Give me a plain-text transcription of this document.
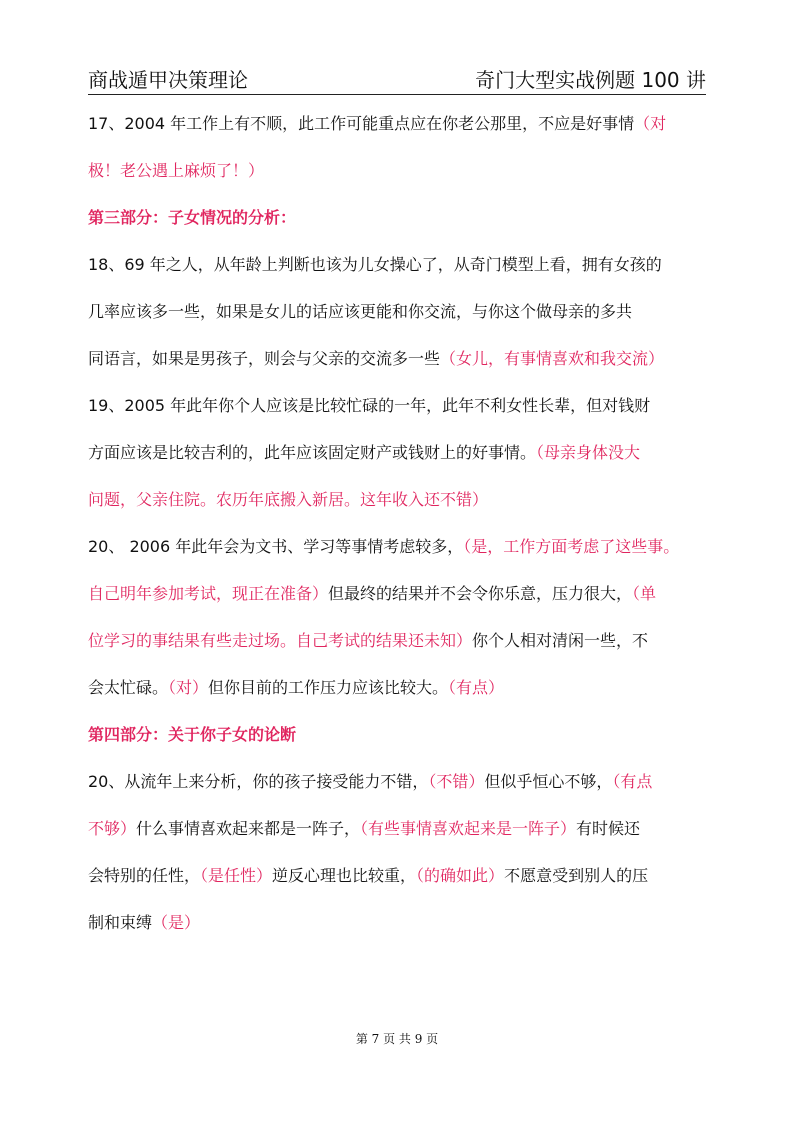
商战遁甲决策理论	奇门大型实战例题 100 讲
17、2004 年工作上有不顺，此工作可能重点应在你老公那里，不应是好事情（对
极！老公遇上麻烦了！）
第三部分：子女情况的分析：
18、69 年之人，从年龄上判断也该为儿女操心了，从奇门模型上看，拥有女孩的
几率应该多一些，如果是女儿的话应该更能和你交流，与你这个做母亲的多共
同语言，如果是男孩子，则会与父亲的交流多一些（女儿，有事情喜欢和我交流）
19、2005 年此年你个人应该是比较忙碌的一年，此年不利女性长辈，但对钱财
方面应该是比较吉利的，此年应该固定财产或钱财上的好事情。（母亲身体没大
问题，父亲住院。农历年底搬入新居。这年收入还不错）
20、 2006 年此年会为文书、学习等事情考虑较多，（是，工作方面考虑了这些事。
自己明年参加考试，现正在准备）但最终的结果并不会令你乐意，压力很大，（单
位学习的事结果有些走过场。自己考试的结果还未知）你个人相对清闲一些，不
会太忙碌。（对）但你目前的工作压力应该比较大。（有点）
第四部分：关于你子女的论断
20、从流年上来分析，你的孩子接受能力不错，（不错）但似乎恒心不够，（有点
不够）什么事情喜欢起来都是一阵子，（有些事情喜欢起来是一阵子）有时候还
会特别的任性，（是任性）逆反心理也比较重，（的确如此）不愿意受到别人的压
制和束缚（是）
第 7 页 共 9 页
